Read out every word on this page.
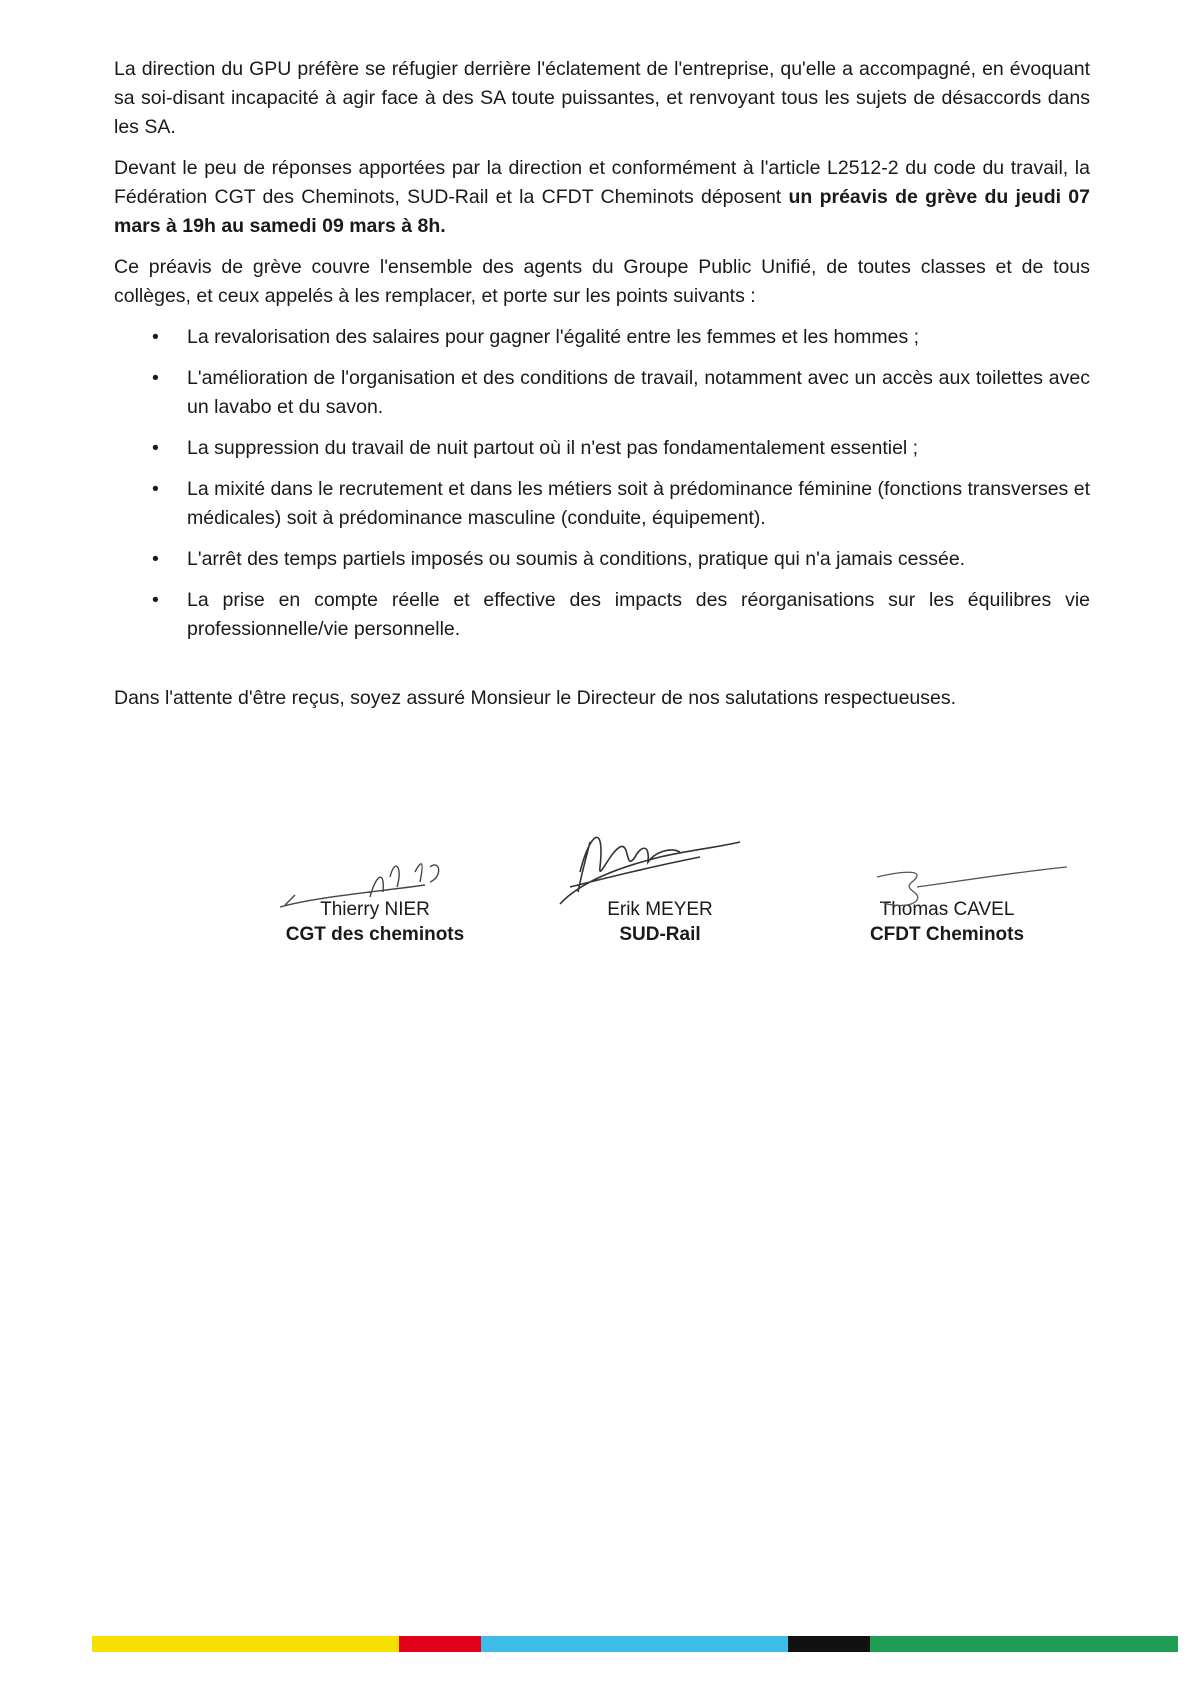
La direction du GPU préfère se réfugier derrière l'éclatement de l'entreprise, qu'elle a accompagné, en évoquant sa soi-disant incapacité à agir face à des SA toute puissantes, et renvoyant tous les sujets de désaccords dans les SA.

Devant le peu de réponses apportées par la direction et conformément à l'article L2512-2 du code du travail, la Fédération CGT des Cheminots, SUD-Rail et la CFDT Cheminots déposent un préavis de grève du jeudi 07 mars à 19h au samedi 09 mars à 8h.

Ce préavis de grève couvre l'ensemble des agents du Groupe Public Unifié, de toutes classes et de tous collèges, et ceux appelés à les remplacer, et porte sur les points suivants :

• La revalorisation des salaires pour gagner l'égalité entre les femmes et les hommes ;
• L'amélioration de l'organisation et des conditions de travail, notamment avec un accès aux toilettes avec un lavabo et du savon.
• La suppression du travail de nuit partout où il n'est pas fondamentalement essentiel ;
• La mixité dans le recrutement et dans les métiers soit à prédominance féminine (fonctions transverses et médicales) soit à prédominance masculine (conduite, équipement).
• L'arrêt des temps partiels imposés ou soumis à conditions, pratique qui n'a jamais cessée.
• La prise en compte réelle et effective des impacts des réorganisations sur les équilibres vie professionnelle/vie personnelle.

Dans l'attente d'être reçus, soyez assuré Monsieur le Directeur de nos salutations respectueuses.

Thierry NIER
CGT des cheminots
Erik MEYER
SUD-Rail
Thomas CAVEL
CFDT Cheminots
